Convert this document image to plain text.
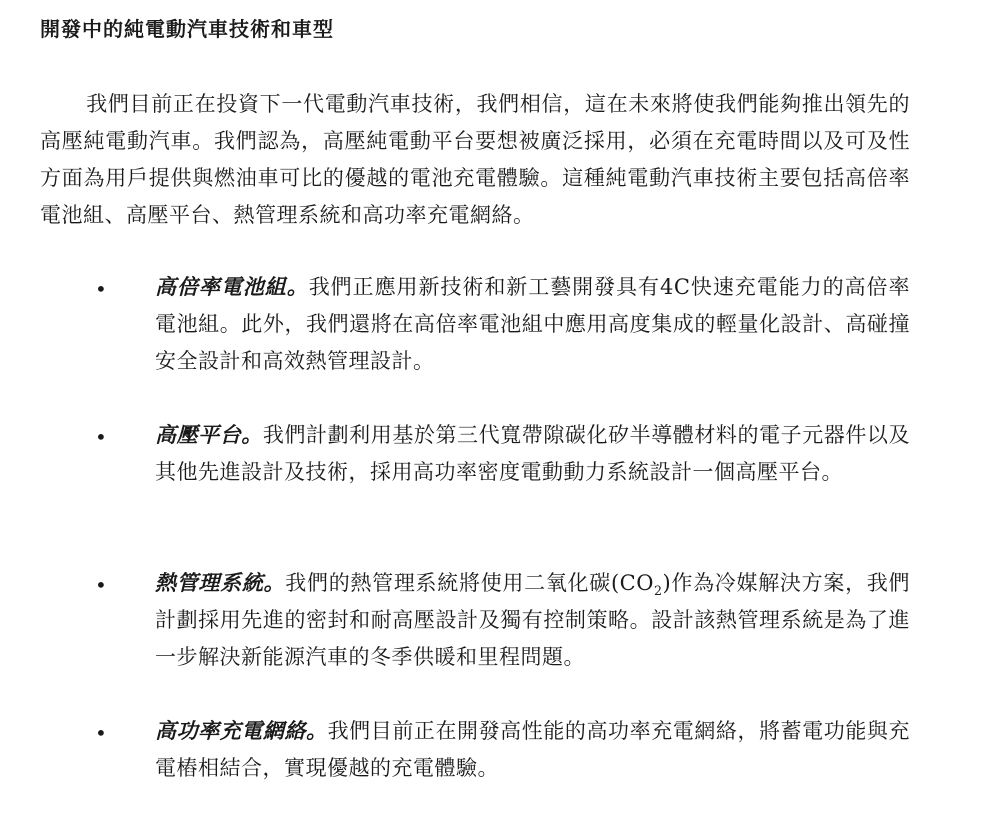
開發中的純電動汽車技術和車型

我們目前正在投資下一代電動汽車技術，我們相信，這在未來將使我們能夠推出領先的高壓純電動汽車。我們認為，高壓純電動平台要想被廣泛採用，必須在充電時間以及可及性方面為用戶提供與燃油車可比的優越的電池充電體驗。這種純電動汽車技術主要包括高倍率電池組、高壓平台、熱管理系統和高功率充電網絡。

• 高倍率電池組。我們正應用新技術和新工藝開發具有4C快速充電能力的高倍率電池組。此外，我們還將在高倍率電池組中應用高度集成的輕量化設計、高碰撞安全設計和高效熱管理設計。

• 高壓平台。我們計劃利用基於第三代寬帶隙碳化矽半導體材料的電子元器件以及其他先進設計及技術，採用高功率密度電動動力系統設計一個高壓平台。

• 熱管理系統。我們的熱管理系統將使用二氧化碳$(CO_2)$作為冷媒解決方案，我們計劃採用先進的密封和耐高壓設計及獨有控制策略。設計該熱管理系統是為了進一步解決新能源汽車的冬季供暖和里程問題。

• 高功率充電網絡。我們目前正在開發高性能的高功率充電網絡，將蓄電功能與充電樁相結合，實現優越的充電體驗。
